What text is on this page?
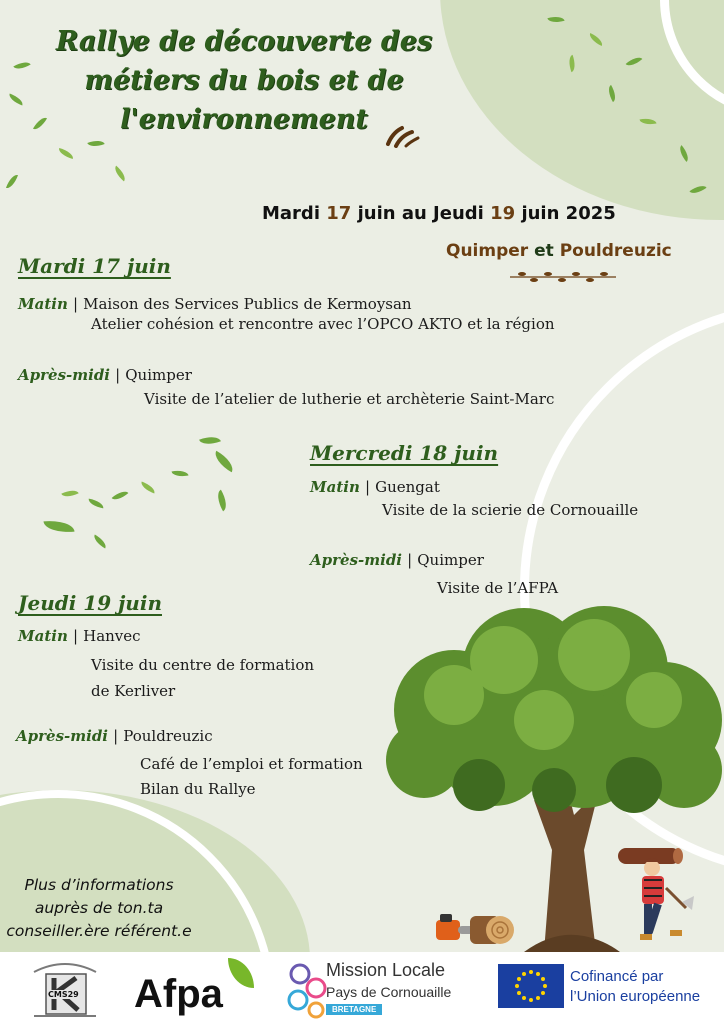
Rallye de découverte des métiers du bois et de l'environnement
Mardi 17 juin au Jeudi 19 juin 2025
Quimper et Pouldreuzic
Mardi 17 juin
Matin | Maison des Services Publics de Kermoysan
Atelier cohésion et rencontre avec l’OPCO AKTO et la région
Après-midi | Quimper
Visite de l’atelier de lutherie et archèterie Saint-Marc
Mercredi 18 juin
Matin | Guengat
Visite de la scierie de Cornouaille
Après-midi | Quimper
Visite de l’AFPA
Jeudi 19 juin
Matin | Hanvec
Visite du centre de formation
de Kerliver
Après-midi | Pouldreuzic
Café de l’emploi et formation
Bilan du Rallye
Plus d’informations auprès de ton.ta conseiller.ère référent.e
CMS29 Afpa
Mission Locale
Pays de Cornouaille
BRETAGNE
Cofinancé par
l’Union européenne
